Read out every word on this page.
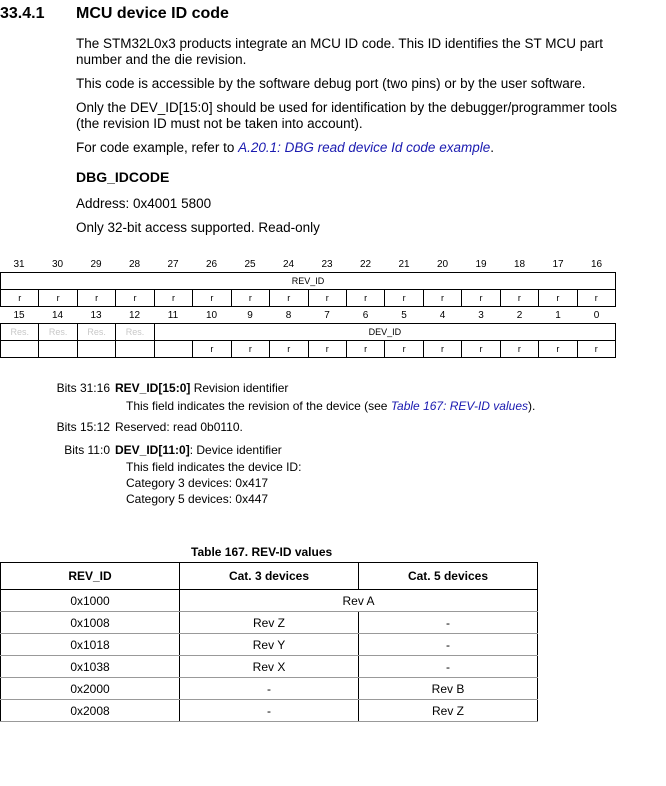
33.4.1 MCU device ID code
The STM32L0x3 products integrate an MCU ID code. This ID identifies the ST MCU part number and the die revision.
This code is accessible by the software debug port (two pins) or by the user software.
Only the DEV_ID[15:0] should be used for identification by the debugger/programmer tools (the revision ID must not be taken into account).
For code example, refer to A.20.1: DBG read device Id code example.
DBG_IDCODE
Address: 0x4001 5800
Only 32-bit access supported. Read-only
31	30	29	28	27	26	25	24	23	22	21	20	19	18	17	16
REV_ID
r	r	r	r	r	r	r	r	r	r	r	r	r	r	r	r
15	14	13	12	11	10	9	8	7	6	5	4	3	2	1	0
Res.	Res.	Res.	Res.	DEV_ID											
					r	r	r	r	r	r	r	r	r	r	r
Bits 31:16 REV_ID[15:0] Revision identifier
This field indicates the revision of the device (see Table 167: REV-ID values).
Bits 15:12 Reserved: read 0b0110.
Bits 11:0 DEV_ID[11:0]: Device identifier
This field indicates the device ID:
Category 3 devices: 0x417
Category 5 devices: 0x447
Table 167. REV-ID values
REV_ID	Cat. 3 devices	Cat. 5 devices
0x1000	Rev A	
0x1008	Rev Z	-
0x1018	Rev Y	-
0x1038	Rev X	-
0x2000	-	Rev B
0x2008	-	Rev Z
